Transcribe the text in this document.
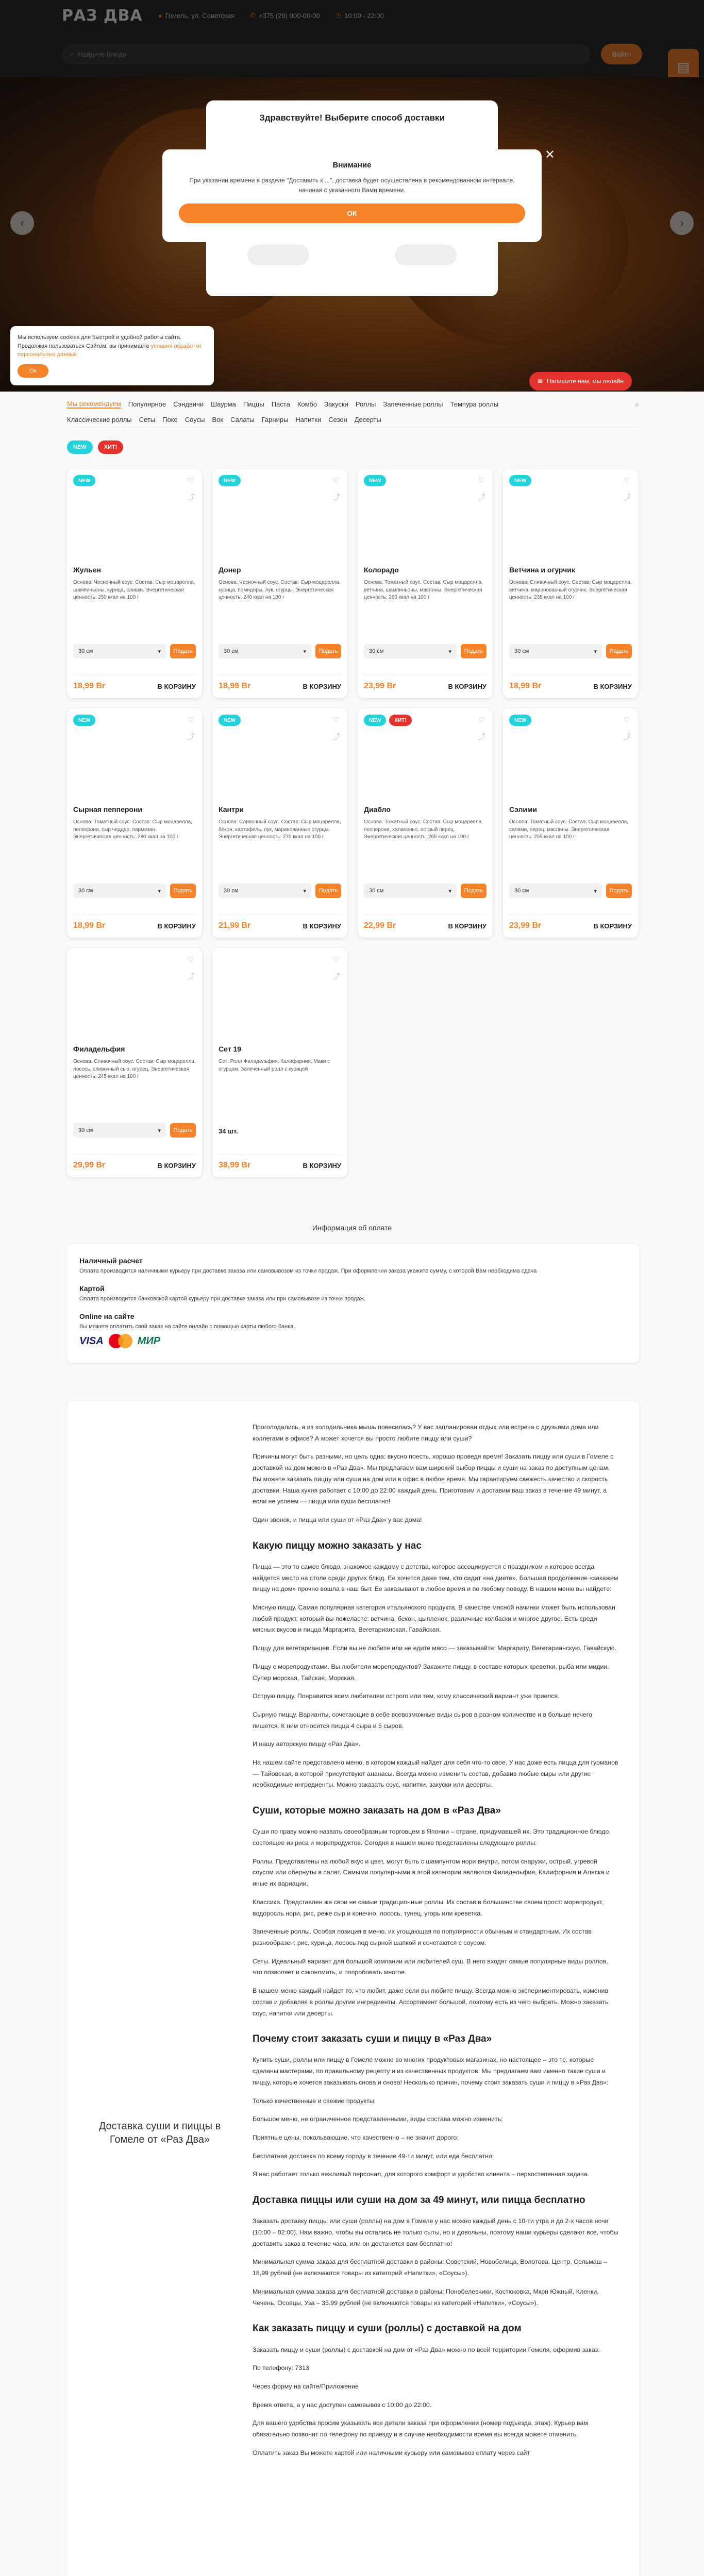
Здравствуйте! Выберите способ доставки
✕
Внимание

При указании времени в разделе "Доставить к ...", доставка будет осуществлена в рекомендованном интервале, начиная с указанного Вами времени.

ОК

Мы используем cookies для быстрой и удобной работы сайта. Продолжая пользоваться Сайтом, вы принимаете условия обработки персональных данных

Ок
✉ Напишите нам, мы онлайн
Мы рекомендуем Популярное Сэндвичи Шаурма Пиццы Паста Комбо Закуски Роллы Запеченные роллы Темпура роллы	⌕
Классические роллы Сеты Поке Соусы Вок Салаты Гарниры Напитки Сезон Десерты
NEW	ХИТ!
NEW	♡
⤴
Жульен
Основа: Чесночный соус. Состав: Сыр моцарелла, шампиньоны, курица, сливки. Энергетическая ценность: 250 ккал на 100 г
30 см	▾	Подать
18,99 Br	В КОРЗИНУ
NEW	♡
⤴
Донер
Основа: Чесночный соус. Состав: Сыр моцарелла, курица, помидоры, лук, огурцы. Энергетическая ценность: 240 ккал на 100 г
30 см	▾	Подать
18,99 Br	В КОРЗИНУ
NEW	♡
⤴
Колорадо
Основа: Томатный соус. Состав: Сыр моцарелла, ветчина, шампиньоны, маслины. Энергетическая ценность: 260 ккал на 100 г
30 см	▾	Подать
23,99 Br	В КОРЗИНУ
NEW	♡
⤴
Ветчина и огурчик
Основа: Сливочный соус. Состав: Сыр моцарелла, ветчина, маринованный огурчик. Энергетическая ценность: 235 ккал на 100 г
30 см	▾	Подать
18,99 Br	В КОРЗИНУ
NEW	♡
⤴
Сырная пепперони
Основа: Томатный соус. Состав: Сыр моцарелла, пепперони, сыр чеддер, пармезан. Энергетическая ценность: 280 ккал на 100 г
30 см	▾	Подать
18,99 Br	В КОРЗИНУ
NEW	♡
⤴
Кантри
Основа: Сливочный соус. Состав: Сыр моцарелла, бекон, картофель, лук, маринованные огурцы. Энергетическая ценность: 270 ккал на 100 г
30 см	▾	Подать
21,99 Br	В КОРЗИНУ
NEW	ХИТ!	♡
⤴
Диабло
Основа: Томатный соус. Состав: Сыр моцарелла, пепперони, халапеньо, острый перец. Энергетическая ценность: 265 ккал на 100 г
30 см	▾	Подать
22,99 Br	В КОРЗИНУ
NEW	♡
⤴
Сэлими
Основа: Томатный соус. Состав: Сыр моцарелла, салями, перец, маслины. Энергетическая ценность: 255 ккал на 100 г
30 см	▾	Подать
23,99 Br	В КОРЗИНУ
♡
⤴
Филадельфия
Основа: Сливочный соус. Состав: Сыр моцарелла, лосось, сливочный сыр, огурец. Энергетическая ценность: 245 ккал на 100 г
30 см	▾	Подать
29,99 Br	В КОРЗИНУ
♡
⤴
Сет 19
Сет: Ролл Филадельфия, Калифорния, Маки с огурцом, Запеченный ролл с курицей
34 шт.
38,99 Br	В КОРЗИНУ
Информация об оплате
Наличный расчет

Оплата производится наличными курьеру при доставке заказа или самовывозом из точки продаж. При оформлении заказа укажите сумму, с которой Вам необходима сдача

Картой

Оплата производится банковской картой курьеру при доставке заказа или при самовывозе из точки продаж.

Online на сайте

Вы можете оплатить свой заказ на сайте онлайн с помощью карты любого банка.

VISA	МИР
Доставка суши и пиццы в Гомеле от «Раз Два»

Проголодались, а из холодильника мышь повесилась? У вас запланирован отдых или встреча с друзьями дома или коллегами в офисе? А может хочется вы просто любите пиццу или суши?

Причины могут быть разными, но цель одна: вкусно поесть, хорошо проведя время! Заказать пиццу или суши в Гомеле с доставкой на дом можно в «Раз Два». Мы предлагаем вам широкий выбор пиццы и суши на заказ по доступным ценам. Вы можете заказать пиццу или суши на дом или в офис в любое время. Мы гарантируем свежесть качество и скорость доставки. Наша кухня работает с 10:00 до 22:00 каждый день. Приготовим и доставим ваш заказ в течение 49 минут, а если не успеем — пицца или суши бесплатно!

Один звонок, и пицца или суши от «Раз Два» у вас дома!

Какую пиццу можно заказать у нас

Пицца — это то самое блюдо, знакомое каждому с детства, которое ассоциируется с праздником и которое всегда найдется место на столе среди других блюд. Ее хочется даже тем, кто сидит «на диете». Большая продолжение «закажем пиццу на дом» прочно вошла в наш быт. Ее заказывают в любое время и по любому поводу. В нашем меню вы найдете:

Мясную пиццу. Самая популярная категория итальянского продукта. В качестве мясной начинки может быть использован любой продукт, который вы пожелаете: ветчина, бекон, цыпленок, различные колбаски и многое другое. Есть среди мясных вкусов и пицца Маргарита, Вегетарианская, Гавайская.

Пиццу для вегетарианцев. Если вы не любите или не едите мясо — заказывайте: Маргариту, Вегетарианскую, Гавайскую.

Пиццу с морепродуктами. Вы любители морепродуктов? Закажите пиццу, в составе которых креветки, рыба или мидии. Супер морская, Тайская, Морская.

Острую пиццу. Понравится всем любителям острого или тем, кому классический вариант уже приелся.

Сырную пиццу. Варианты, сочетающие в себе всевозможные виды сыров в разном количестве и в больше нечего пишется. К ним относится пицца 4 сыра и 5 сыров.

И нашу авторскую пиццу «Раз Два».

На нашем сайте представлено меню, в котором каждый найдет для себя что-то свое. У нас доже есть пицца для гурманов — Тайовская, в которой присутствуют ананасы. Всегда можно изменить состав, добавив любые сыры или другие необходимые ингредиенты. Можно заказать соус, напитки, закуски или десерты.

Суши, которые можно заказать на дом в «Раз Два»

Суши по праву можно назвать своеобразным торговцем в Японии – стране, придумавшей их. Это традиционное блюдо, состоящее из риса и морепродуктов. Сегодня в нашем меню представлены следующие роллы:

Роллы. Представлены на любой вкус и цвет, могут быть с шампунтом нори внутри, потом снаружи, острый, угревой соусом или обернуты в салат. Самыми популярными в этой категории являются Филадельфия, Калифорния и Аляска и иные их вариации.

Классика. Представлен же свои не самые традиционные роллы. Их состав в большинстве своем прост: морепродукт, водоросль нори, рис, реже сыр и конечно, лосось, тунец, угорь или креветка.

Запеченные роллы. Особая позиция в меню, их угощающая по популярности обычным и стандартным. Их состав разнообразен: рис, курица, лосось под сырной шапкой и сочетаются с соусом.

Сеты. Идеальный вариант для большой компании или любителей суш. В него входят самые популярные виды роллов, что позволяет и сэкономить, и попробовать многое.

В нашем меню каждый найдет то, что любит, даже если вы любите пиццу. Всегда можно экспериментировать, изменив состав и добавляя в роллы другие ингредиенты. Ассортимент большой, поэтому есть из чего выбрать. Можно заказать соус, напитки или десерты.

Почему стоит заказать суши и пиццу в «Раз Два»

Купить суши, роллы или пиццу в Гомеле можно во многих продуктовых магазинах, но настоящее – это те, которые сделаны мастерами, по правильному рецепту и из качественных продуктов. Мы предлагаем вам именно такие суши и пиццу, которые хочется заказывать снова и снова! Несколько причин, почему стоит заказать суши и пиццу в «Раз Два»:

Только качественные и свежие продукты;

Большое меню, не ограниченное представленными, виды состава можно изменить;

Приятные цены, покальвающие, что качественно – не значит дорого;

Бесплатная доставка по всему городу в течение 49-ти минут, или еда бесплатно;

Я нас работает только вежливый персонал, для которого комфорт и удобство клиента – первостепенная задача.

Доставка пиццы или суши на дом за 49 минут, или пицца бесплатно

Заказать доставку пиццы или суши (роллы) на дом в Гомеле у нас можно каждый день с 10-ти утра и до 2-х часов ночи (10:00 – 02:00). Нам важно, чтобы вы остались не только сыты, но и довольны, поэтому наши курьеры сделают все, чтобы доставить заказ в течение часа, или он достанется вам бесплатно!

Минимальная сумма заказа для бесплатной доставки в районы: Советский, Новобелица, Волотова, Центр, Сельмаш – 18,99 рублей (не включаются товары из категорий «Напитки», «Соусы»).

Минимальная сумма заказа для бесплатной доставки в районы: Понобелевчики, Костюковка, Мкрн Южный, Кленки, Чечень, Осовцы, Уза – 35.99 рублей (не включаются товары из категорий «Напитки», «Соусы»).

Как заказать пиццу и суши (роллы) с доставкой на дом

Заказать пиццу и суши (роллы) с доставкой на дом от «Раз Два» можно по всей территории Гомеля, оформив заказ:

По телефону: 7313

Через форму на сайте/Приложение

Время ответа, а у нас доступен самовывоз с 10:00 до 22:00.

Для вашего удобства просим указывать все детали заказа при оформлении (номер подъезда, этаж). Курьер вам обязательно позвонит по телефону по приезду и в случае необходимости время вы всегда можете отменить.

Оплатить заказ Вы можете картой или наличными курьеру или самовывоз оплату через сайт
